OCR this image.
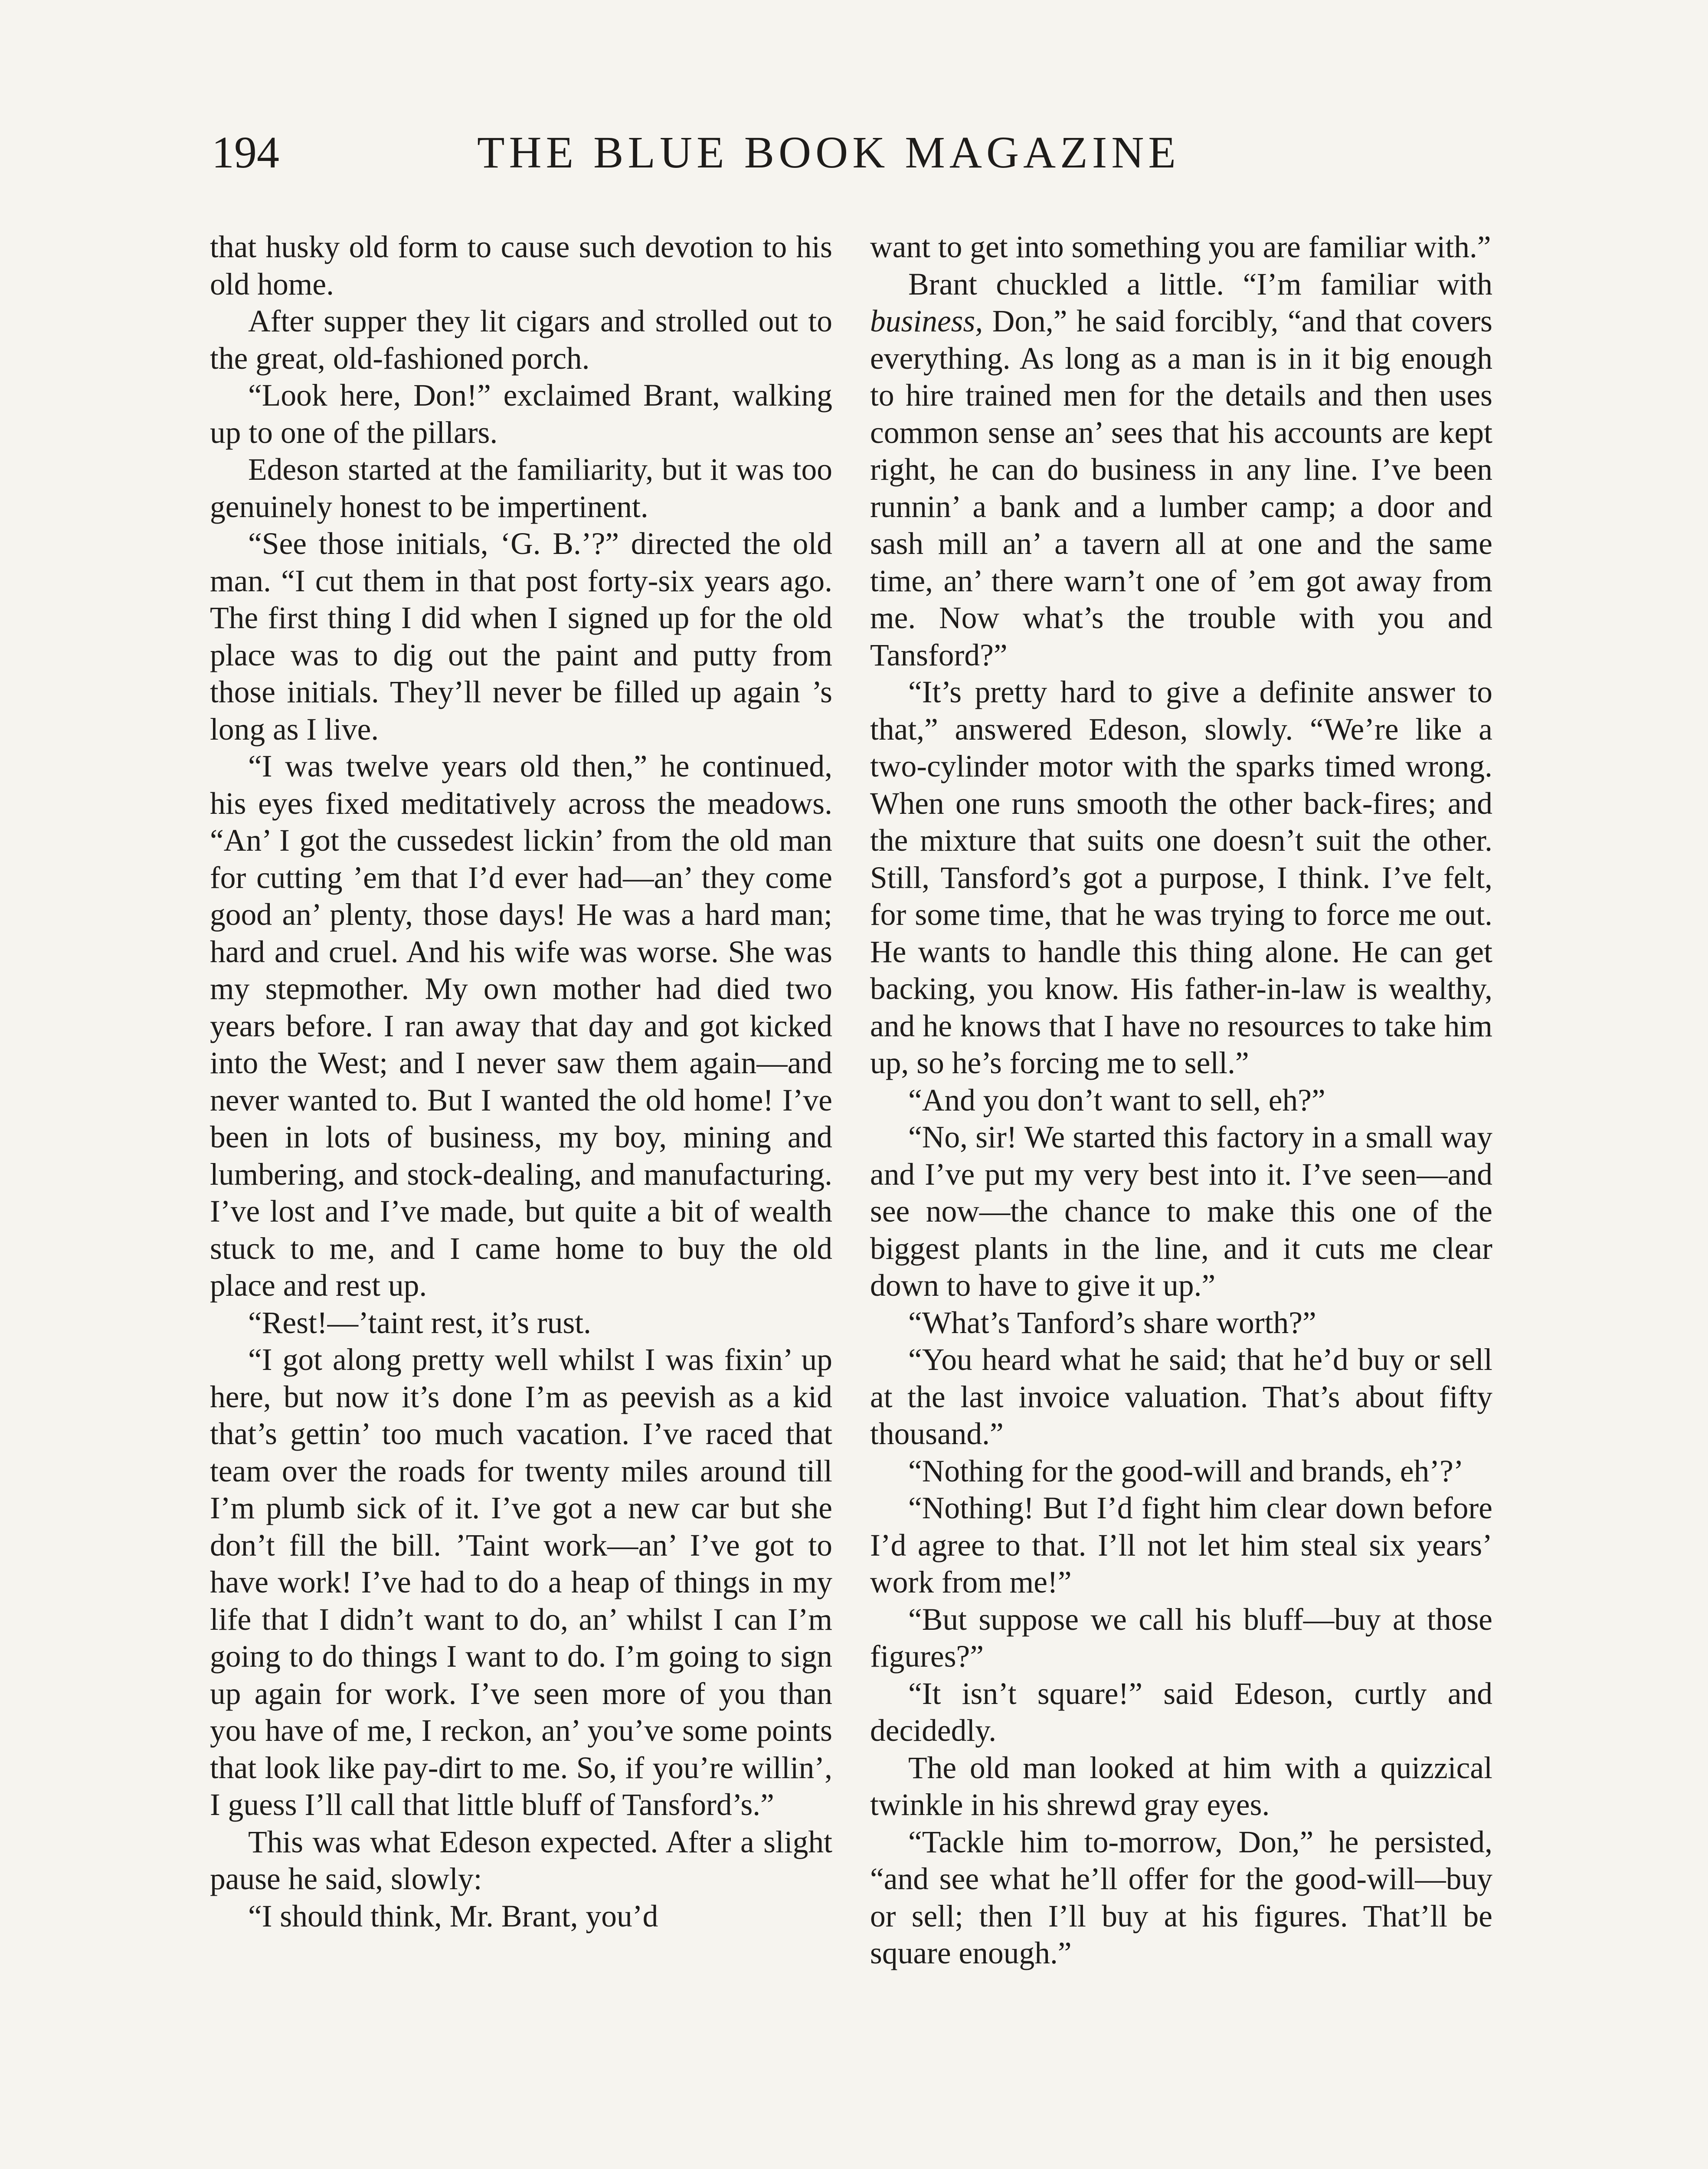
194	THE BLUE BOOK MAGAZINE

that husky old form to cause such devotion to his old home.

After supper they lit cigars and strolled out to the great, old-fashioned porch.

“Look here, Don!” exclaimed Brant, walking up to one of the pillars.

Edeson started at the familiarity, but it was too genuinely honest to be impertinent.

“See those initials, ‘G. B.’?” directed the old man. “I cut them in that post forty-six years ago. The first thing I did when I signed up for the old place was to dig out the paint and putty from those initials. They’ll never be filled up again ’s long as I live.

“I was twelve years old then,” he continued, his eyes fixed meditatively across the meadows. “An’ I got the cussedest lickin’ from the old man for cutting ’em that I’d ever had—an’ they come good an’ plenty, those days! He was a hard man; hard and cruel. And his wife was worse. She was my stepmother. My own mother had died two years before. I ran away that day and got kicked into the West; and I never saw them again—and never wanted to. But I wanted the old home! I’ve been in lots of business, my boy, mining and lumbering, and stock-dealing, and manufacturing. I’ve lost and I’ve made, but quite a bit of wealth stuck to me, and I came home to buy the old place and rest up.

“Rest!—’taint rest, it’s rust.

“I got along pretty well whilst I was fixin’ up here, but now it’s done I’m as peevish as a kid that’s gettin’ too much vacation. I’ve raced that team over the roads for twenty miles around till I’m plumb sick of it. I’ve got a new car but she don’t fill the bill. ’Taint work—an’ I’ve got to have work! I’ve had to do a heap of things in my life that I didn’t want to do, an’ whilst I can I’m going to do things I want to do. I’m going to sign up again for work. I’ve seen more of you than you have of me, I reckon, an’ you’ve some points that look like pay-dirt to me. So, if you’re willin’, I guess I’ll call that little bluff of Tansford’s.”

This was what Edeson expected. After a slight pause he said, slowly:

“I should think, Mr. Brant, you’d

want to get into something you are familiar with.”

Brant chuckled a little. “I’m familiar with business, Don,” he said forcibly, “and that covers everything. As long as a man is in it big enough to hire trained men for the details and then uses common sense an’ sees that his accounts are kept right, he can do business in any line. I’ve been runnin’ a bank and a lumber camp; a door and sash mill an’ a tavern all at one and the same time, an’ there warn’t one of ’em got away from me. Now what’s the trouble with you and Tansford?”

“It’s pretty hard to give a definite answer to that,” answered Edeson, slowly. “We’re like a two-cylinder motor with the sparks timed wrong. When one runs smooth the other back-fires; and the mixture that suits one doesn’t suit the other. Still, Tansford’s got a purpose, I think. I’ve felt, for some time, that he was trying to force me out. He wants to handle this thing alone. He can get backing, you know. His father-in-law is wealthy, and he knows that I have no resources to take him up, so he’s forcing me to sell.”

“And you don’t want to sell, eh?”

“No, sir! We started this factory in a small way and I’ve put my very best into it. I’ve seen—and see now—the chance to make this one of the biggest plants in the line, and it cuts me clear down to have to give it up.”

“What’s Tanford’s share worth?”

“You heard what he said; that he’d buy or sell at the last invoice valuation. That’s about fifty thousand.”

“Nothing for the good-will and brands, eh’?’

“Nothing! But I’d fight him clear down before I’d agree to that. I’ll not let him steal six years’ work from me!”

“But suppose we call his bluff—buy at those figures?”

“It isn’t square!” said Edeson, curtly and decidedly.

The old man looked at him with a quizzical twinkle in his shrewd gray eyes.

“Tackle him to-morrow, Don,” he persisted, “and see what he’ll offer for the good-will—buy or sell; then I’ll buy at his figures. That’ll be square enough.”
